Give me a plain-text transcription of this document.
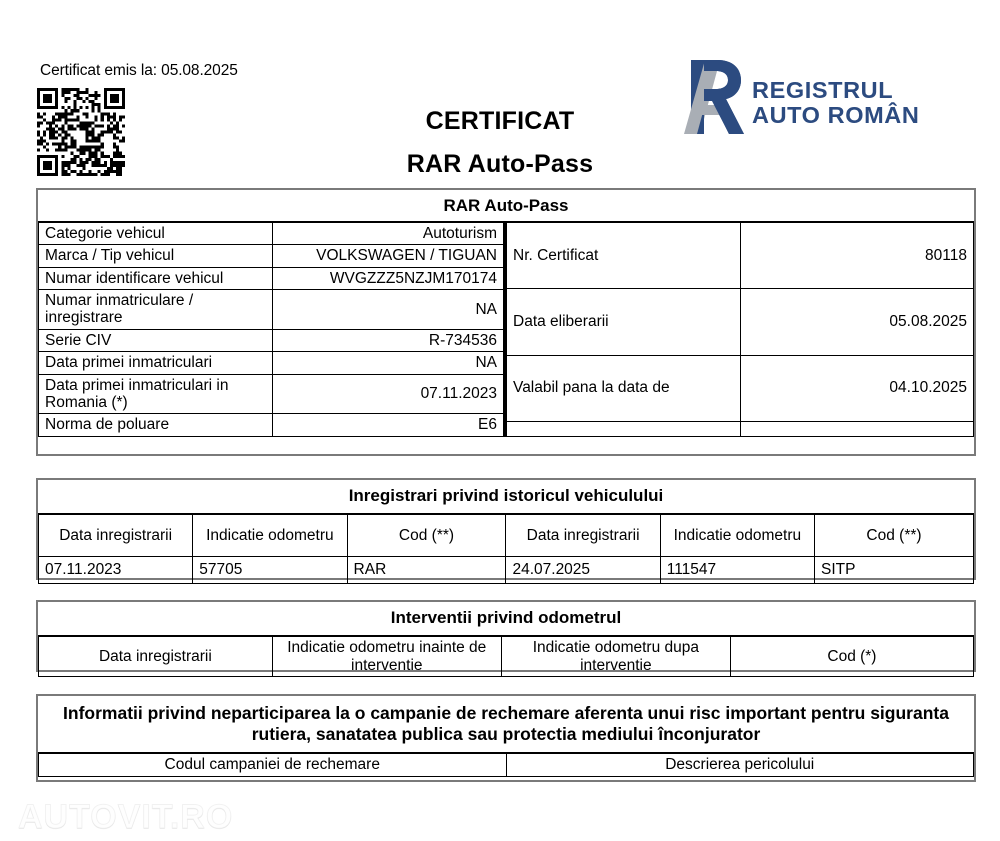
Certificat emis la: 05.08.2025
CERTIFICAT
RAR Auto-Pass
REGISTRUL
AUTO ROMÂN
RAR Auto-Pass
Categorie vehicul	Autoturism
Marca / Tip vehicul	VOLKSWAGEN / TIGUAN
Numar identificare vehicul	WVGZZZ5NZJM170174
Numar inmatriculare / inregistrare	NA
Serie CIV	R-734536
Data primei inmatriculari	NA
Data primei inmatriculari in Romania (*)	07.11.2023
Norma de poluare	E6
Nr. Certificat	80118
Data eliberarii	05.08.2025
Valabil pana la data de	04.10.2025

Inregistrari privind istoricul vehiculului
Data inregistrarii	Indicatie odometru	Cod (**)	Data inregistrarii	Indicatie odometru	Cod (**)
07.11.2023	57705	RAR	24.07.2025	111547	SITP
Interventii privind odometrul
Data inregistrarii	Indicatie odometru inainte de interventie	Indicatie odometru dupa interventie	Cod (*)
Informatii privind neparticiparea la o campanie de rechemare aferenta unui risc important pentru siguranta rutiera, sanatatea publica sau protectia mediului înconjurator
Codul campaniei de rechemare	Descrierea pericolului
AUTOVIT.RO
